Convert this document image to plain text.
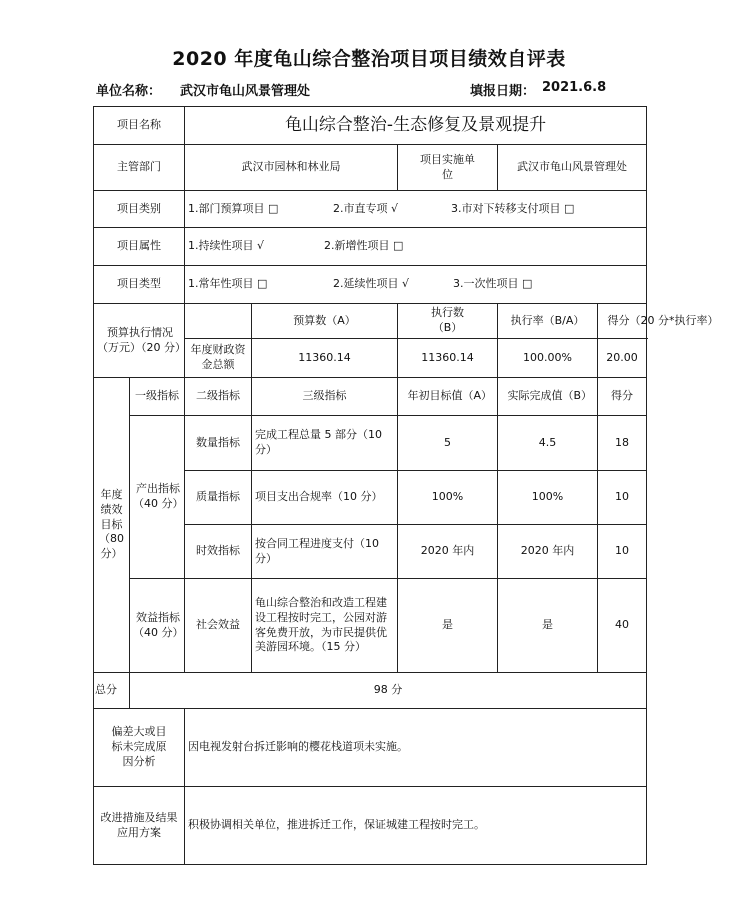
2020 年度龟山综合整治项目项目绩效自评表
单位名称： 武汉市龟山风景管理处	填报日期： 2021.6.8
项目名称		龟山综合整治-生态修复及景观提升				
主管部门		武汉市园林和林业局		项目实施单位	武汉市龟山风景管理处	
项目类别		1.部门预算项目 □ 2.市直专项 √ 3.市对下转移支付项目 □				
项目属性		1.持续性项目 √ 2.新增性项目 □				
项目类型		1.常年性项目 □ 2.延续性项目 √ 3.一次性项目 □				
预算执行情况（万元）（20 分）			预算数（A）	执行数（B）	执行率（B/A）	得分（20 分*执行率）
		年度财政资金总额	11360.14	11360.14	100.00%	20.00
年度绩效目标（80 分）	一级指标	二级指标	三级指标	年初目标值（A）	实际完成值（B）	得分
	产出指标（40 分）	数量指标	完成工程总量 5 部分（10 分）	5	4.5	18
		质量指标	项目支出合规率（10 分）	100%	100%	10
		时效指标	按合同工程进度支付（10 分）	2020 年内	2020 年内	10
	效益指标（40 分）	社会效益	龟山综合整治和改造工程建设工程按时完工，公园对游客免费开放，为市民提供优美游园环境。（15 分）	是	是	40
总分	98 分					
偏差大或目标未完成原因分析		因电视发射台拆迁影响的樱花栈道项未实施。				
改进措施及结果应用方案		积极协调相关单位，推进拆迁工作，保证城建工程按时完工。				
